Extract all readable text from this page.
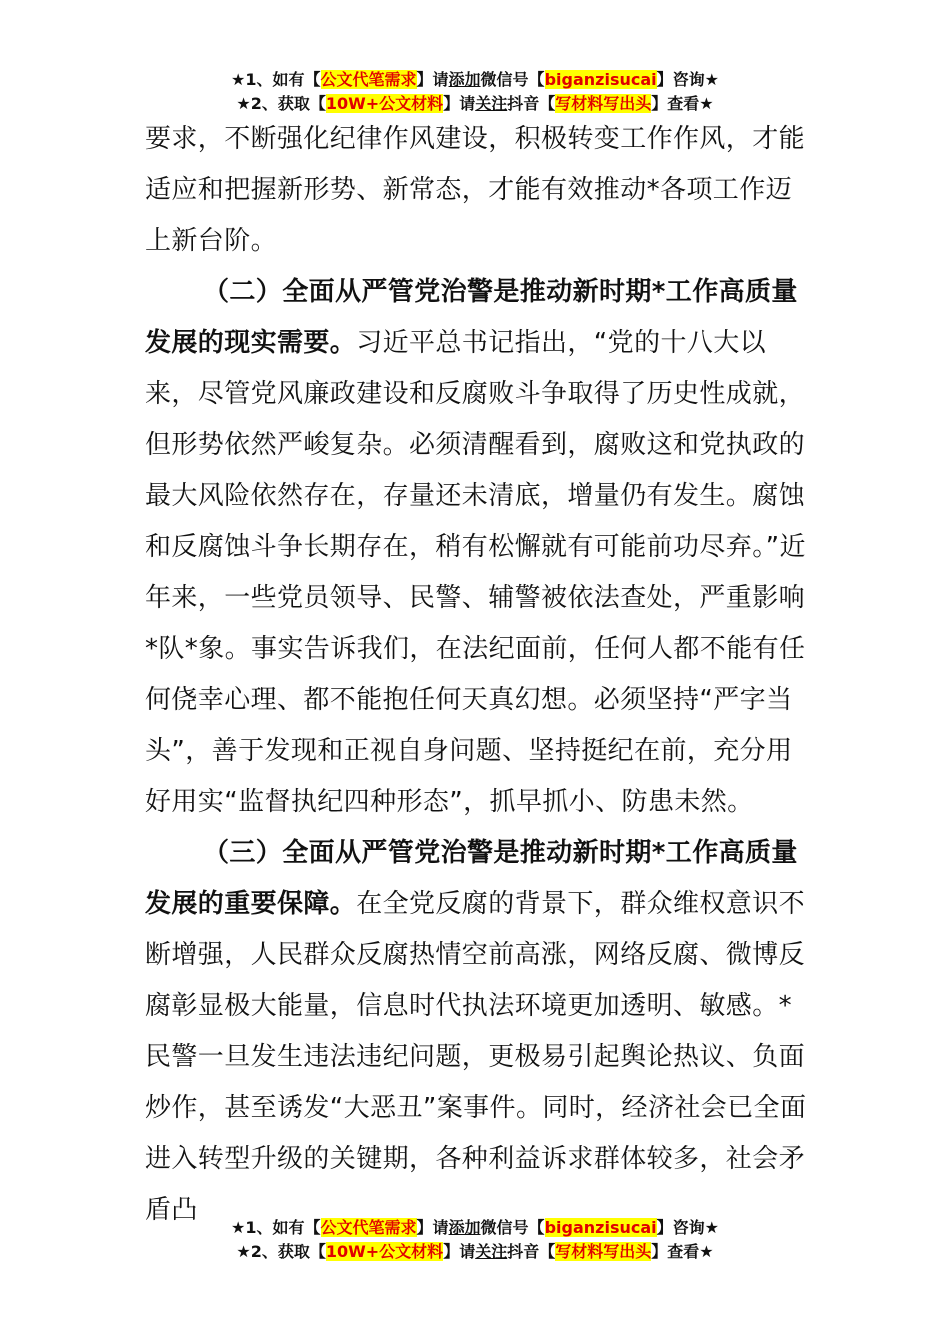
★1、如有【公文代笔需求】请添加微信号【biganzisucai】咨询★
★2、获取【10W+公文材料】请关注抖音【写材料写出头】查看★

要求，不断强化纪律作风建设，积极转变工作作风，才能适应和把握新形势、新常态，才能有效推动*各项工作迈上新台阶。

（二）全面从严管党治警是推动新时期*工作高质量发展的现实需要。习近平总书记指出，“党的十八大以来，尽管党风廉政建设和反腐败斗争取得了历史性成就，但形势依然严峻复杂。必须清醒看到，腐败这和党执政的最大风险依然存在，存量还未清底，增量仍有发生。腐蚀和反腐蚀斗争长期存在，稍有松懈就有可能前功尽弃。”近年来，一些党员领导、民警、辅警被依法查处，严重影响*队*象。事实告诉我们，在法纪面前，任何人都不能有任何侥幸心理、都不能抱任何天真幻想。必须坚持“严字当头”，善于发现和正视自身问题、坚持挺纪在前，充分用好用实“监督执纪四种形态”，抓早抓小、防患未然。

（三）全面从严管党治警是推动新时期*工作高质量发展的重要保障。在全党反腐的背景下，群众维权意识不断增强，人民群众反腐热情空前高涨，网络反腐、微博反腐彰显极大能量，信息时代执法环境更加透明、敏感。*民警一旦发生违法违纪问题，更极易引起舆论热议、负面炒作，甚至诱发“大恶丑”案事件。同时，经济社会已全面进入转型升级的关键期，各种利益诉求群体较多，社会矛盾凸

★1、如有【公文代笔需求】请添加微信号【biganzisucai】咨询★
★2、获取【10W+公文材料】请关注抖音【写材料写出头】查看★
